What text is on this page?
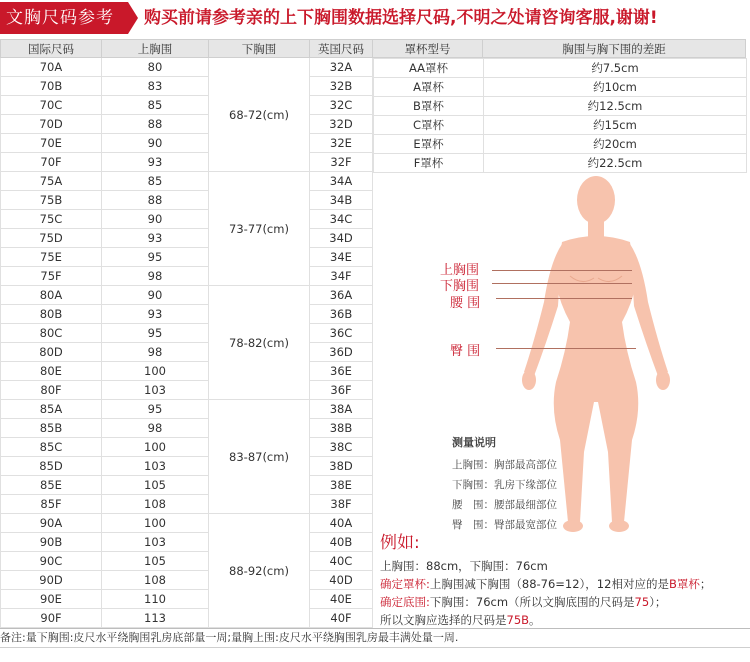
文胸尺码参考	购买前请参考亲的上下胸围数据选择尺码,不明之处请咨询客服,谢谢!
国际尺码	上胸围	下胸围	英国尺码	罩杯型号	胸围与胸下围的差距
70A	80	68-72(cm)	32A		
70B	83		32B		
70C	85		32C		
70D	88		32D		
70E	90		32E		
70F	93		32F		
75A	85	73-77(cm)	34A		
75B	88		34B		
75C	90		34C		
75D	93		34D		
75E	95		34E		
75F	98		34F		
80A	90	78-82(cm)	36A		
80B	93		36B		
80C	95		36C		
80D	98		36D		
80E	100		36E		
80F	103		36F		
85A	95	83-87(cm)	38A		
85B	98		38B		
85C	100		38C		
85D	103		38D		
85E	105		38E		
85F	108		38F		
90A	100	88-92(cm)	40A		
90B	103		40B		
90C	105		40C		
90D	108		40D		
90E	110		40E		
90F	113		40F		
AA罩杯	约7.5cm
A罩杯	约10cm
B罩杯	约12.5cm
C罩杯	约15cm
E罩杯	约20cm
F罩杯	约22.5cm
上胸围
下胸围
腰 围
臀 围
测量说明
上胸围：胸部最高部位
下胸围：乳房下缘部位
腰　围：腰部最细部位
臀　围：臀部最宽部位
例如:
上胸围：88cm，下胸围：76cm
确定罩杯:上胸围减下胸围（88-76=12），12相对应的是B罩杯；
确定底围:下胸围：76cm（所以文胸底围的尺码是75）；
所以文胸应选择的尺码是75B。
备注:量下胸围:皮尺水平绕胸围乳房底部量一周;量胸上围:皮尺水平绕胸围乳房最丰满处量一周.
